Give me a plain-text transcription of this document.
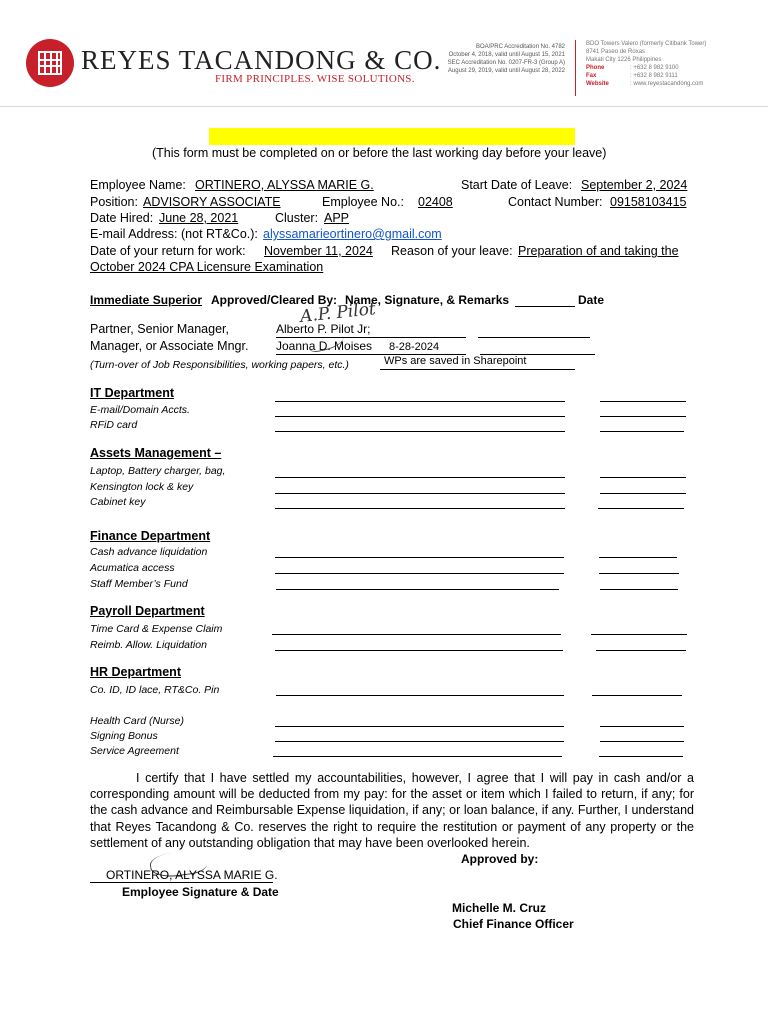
REYES TACANDONG & CO.
FIRM PRINCIPLES. WISE SOLUTIONS.
BOA/PRC Accreditation No. 4782
October 4, 2018, valid until August 15, 2021
SEC Accreditation No. 0207-FR-3 (Group A)
August 29, 2019, valid until August 28, 2022
BDO Towers Valero (formerly Citibank Tower)
8741 Paseo de Roxas
Makati City 1226 Philippines
Phone	: +632 8 982 9100
Fax	: +632 8 982 9111
Website	: www.reyestacandong.com
(This form must be completed on or before the last working day before your leave)
Employee Name: ORTINERO, ALYSSA MARIE G.	Start Date of Leave: September 2, 2024
Position: ADVISORY ASSOCIATE	Employee No.: 02408	Contact Number: 09158103415
Date Hired: June 28, 2021	Cluster: APP
E-mail Address: (not RT&Co.): alyssamarieortinero@gmail.com
Date of your return for work: November 11, 2024 Reason of your leave: Preparation of and taking the
October 2024 CPA Licensure Examination
Immediate Superior Approved/Cleared By: Name, Signature, & Remarks	Date
Partner, Senior Manager,
Manager, or Associate Mngr.
A.P. Pilot
Alberto P. Pilot Jr;
Joanna D. Moises 8-28-2024
(Turn-over of Job Responsibilities, working papers, etc.)	WPs are saved in Sharepoint
IT Department
E-mail/Domain Accts.
RFiD card
Assets Management –
Laptop, Battery charger, bag,
Kensington lock & key
Cabinet key
Finance Department
Cash advance liquidation
Acumatica access
Staff Member’s Fund
Payroll Department
Time Card & Expense Claim
Reimb. Allow. Liquidation
HR Department
Co. ID, ID lace, RT&Co. Pin
Health Card (Nurse)
Signing Bonus
Service Agreement
I certify that I have settled my accountabilities, however, I agree that I will pay in cash and/or a corresponding amount will be deducted from my pay: for the asset or item which I failed to return, if any; for the cash advance and Reimbursable Expense liquidation, if any; or loan balance, if any. Further, I understand that Reyes Tacandong & Co. reserves the right to require the restitution or payment of any property or the settlement of any outstanding obligation that may have been overlooked herein.
ORTINERO, ALYSSA MARIE G.
Employee Signature & Date
Approved by:
Michelle M. Cruz
Chief Finance Officer
